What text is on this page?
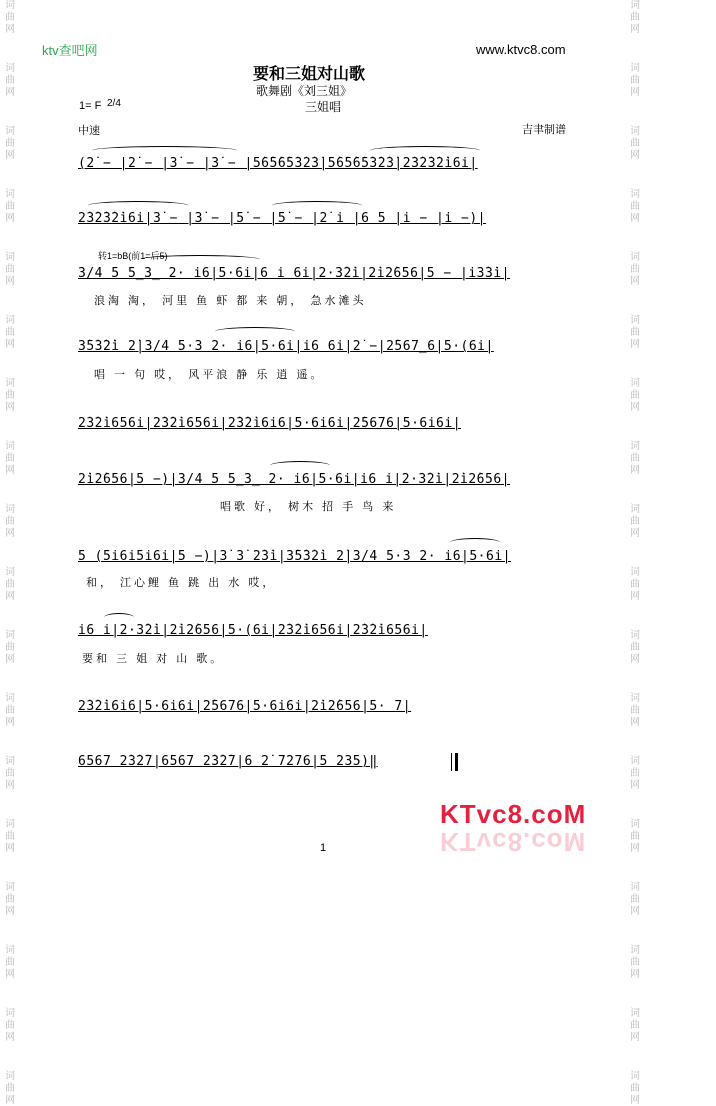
词
曲
网
词
曲
网
词
曲
网
词
曲
网
词
曲
网
词
曲
网
词
曲
网
词
曲
网
词
曲
网
词
曲
网
词
曲
网
词
曲
网
词
曲
网
词
曲
网
词
曲
网
词
曲
网
词
曲
网
词
曲
网
词
曲
网
词
曲
网
词
曲
网
词
曲
网
词
曲
网
词
曲
网
词
曲
网
词
曲
网
词
曲
网
词
曲
网
词
曲
网
词
曲
网
词
曲
网
词
曲
网
词
曲
网
词
曲
网
词
曲
网
词
曲
网
ktv查吧网	www.ktvc8.com
要和三姐对山歌
歌舞剧《刘三姐》
三姐唱
1= F 2/4
中速	吉聿制谱
(2̇ − |2̇ − |3̇ − |3̇ − |5̇6̇5̇6̇5̇3̇2̇3̇|5̇6̇5̇6̇5̇3̇2̇3̇|2̇3̇2̇3̇2̇i6i|
2̇3̇2̇3̇2̇i6i|3̇ − |3̇ − |5̇ − |5̇ − |2̇ i |6 5 |i − |i −)|
转1=bB(前1=后5)
3/4 5 5̲3̲ 2· i6|5·6i|6 i 6i|2·3̇2̇i|2̇i2̇656|5 − |i3̇3̇i|
浪淘 淘， 河里 鱼 虾 都 来 朝， 急水滩头
3̇5̇3̇2̇i 2̇|3/4 5·3 2· i6|5·6i|i6 6i|2̇ −|2̇567̲6|5·(6i|
唱 一 句 哎， 风平浪 静 乐 逍 遥。
2̇3̇2̇i656i|2̇3̇2̇i656i|2̇3̇2̇i6i6|5·6i6i|2̇5676|5·6i6i|
2̇i2̇656|5 −)|3/4 5 5̲3̲ 2· i6|5·6i|i6 i|2·3̇2̇i|2̇i2̇656|
唱歌 好， 树木 招 手 鸟 来
5 (5i6i5i6i|5 −)|3̇ 3̇ 2̇3̇i|3̇5̇3̇2̇i 2̇|3/4 5·3 2· i6|5·6i|
和， 江心鲤 鱼 跳 出 水 哎，
i6 i|2·3̇2̇i|2̇i2̇656|5·(6i|2̇3̇2̇i656i|2̇3̇2̇i656i|
要和 三 姐 对 山 歌。
2̇3̇2̇i6i6|5·6i6i|2̇5676|5·6i6i|2̇i2̇656|5· 7|
6567 2̇3̇2̇7|6567 2̇3̇2̇7|6 2̇ 7276|5 235)‖
KTvc8.coM
KTvc8.coM
1
